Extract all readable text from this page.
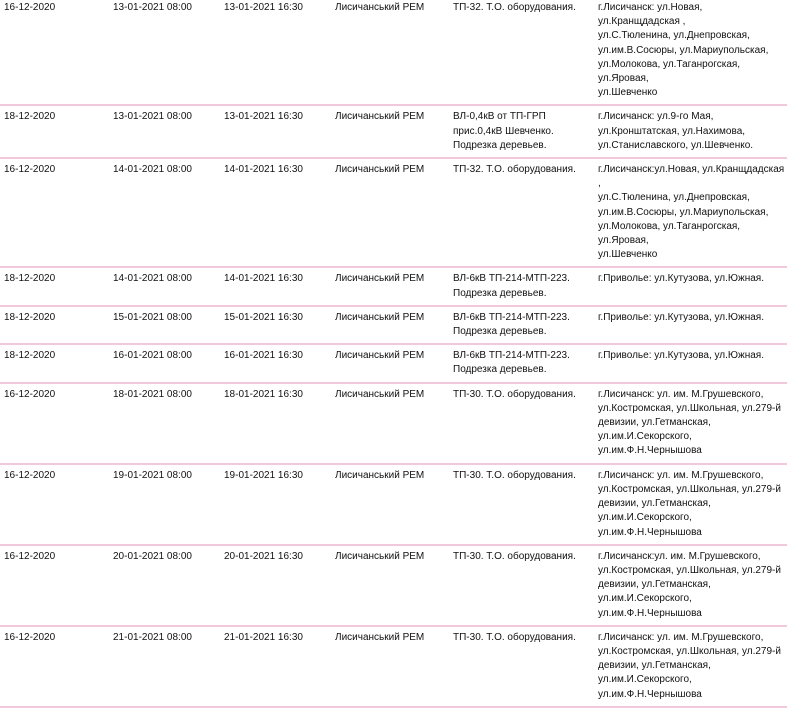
16-12-2020	13-01-2021 08:00	13-01-2021 16:30	Лисичанський РЕМ	ТП-32. Т.О. оборудования.	г.Лисичанск: ул.Новая, ул.Кранщдадская ,
ул.С.Тюленина, ул.Днепровская,
ул.им.В.Сосюры, ул.Мариупольская,
ул.Молокова, ул.Таганрогская, ул.Яровая,
ул.Шевченко
18-12-2020	13-01-2021 08:00	13-01-2021 16:30	Лисичанський РЕМ	ВЛ-0,4кВ от ТП-ГРП
прис.0,4кВ Шевченко.
Подрезка деревьев.	г.Лисичанск: ул.9-го Мая,
ул.Кронштатская, ул.Нахимова,
ул.Станиславского, ул.Шевченко.
16-12-2020	14-01-2021 08:00	14-01-2021 16:30	Лисичанський РЕМ	ТП-32. Т.О. оборудования.	г.Лисичанск:ул.Новая, ул.Кранщдадская ,
ул.С.Тюленина, ул.Днепровская,
ул.им.В.Сосюры, ул.Мариупольская,
ул.Молокова, ул.Таганрогская, ул.Яровая,
ул.Шевченко
18-12-2020	14-01-2021 08:00	14-01-2021 16:30	Лисичанський РЕМ	ВЛ-6кВ ТП-214-МТП-223.
Подрезка деревьев.	г.Приволье: ул.Кутузова, ул.Южная.
18-12-2020	15-01-2021 08:00	15-01-2021 16:30	Лисичанський РЕМ	ВЛ-6кВ ТП-214-МТП-223.
Подрезка деревьев.	г.Приволье: ул.Кутузова, ул.Южная.
18-12-2020	16-01-2021 08:00	16-01-2021 16:30	Лисичанський РЕМ	ВЛ-6кВ ТП-214-МТП-223.
Подрезка деревьев.	г.Приволье: ул.Кутузова, ул.Южная.
16-12-2020	18-01-2021 08:00	18-01-2021 16:30	Лисичанський РЕМ	ТП-30. Т.О. оборудования.	г.Лисичанск: ул. им. М.Грушевского,
ул.Костромская, ул.Школьная, ул.279-й
девизии, ул.Гетманская,
ул.им.И.Секорского,
ул.им.Ф.Н.Чернышова
16-12-2020	19-01-2021 08:00	19-01-2021 16:30	Лисичанський РЕМ	ТП-30. Т.О. оборудования.	г.Лисичанск: ул. им. М.Грушевского,
ул.Костромская, ул.Школьная, ул.279-й
девизии, ул.Гетманская,
ул.им.И.Секорского,
ул.им.Ф.Н.Чернышова
16-12-2020	20-01-2021 08:00	20-01-2021 16:30	Лисичанський РЕМ	ТП-30. Т.О. оборудования.	г.Лисичанск:ул. им. М.Грушевского,
ул.Костромская, ул.Школьная, ул.279-й
девизии, ул.Гетманская,
ул.им.И.Секорского,
ул.им.Ф.Н.Чернышова
16-12-2020	21-01-2021 08:00	21-01-2021 16:30	Лисичанський РЕМ	ТП-30. Т.О. оборудования.	г.Лисичанск: ул. им. М.Грушевского,
ул.Костромская, ул.Школьная, ул.279-й
девизии, ул.Гетманская,
ул.им.И.Секорского,
ул.им.Ф.Н.Чернышова
